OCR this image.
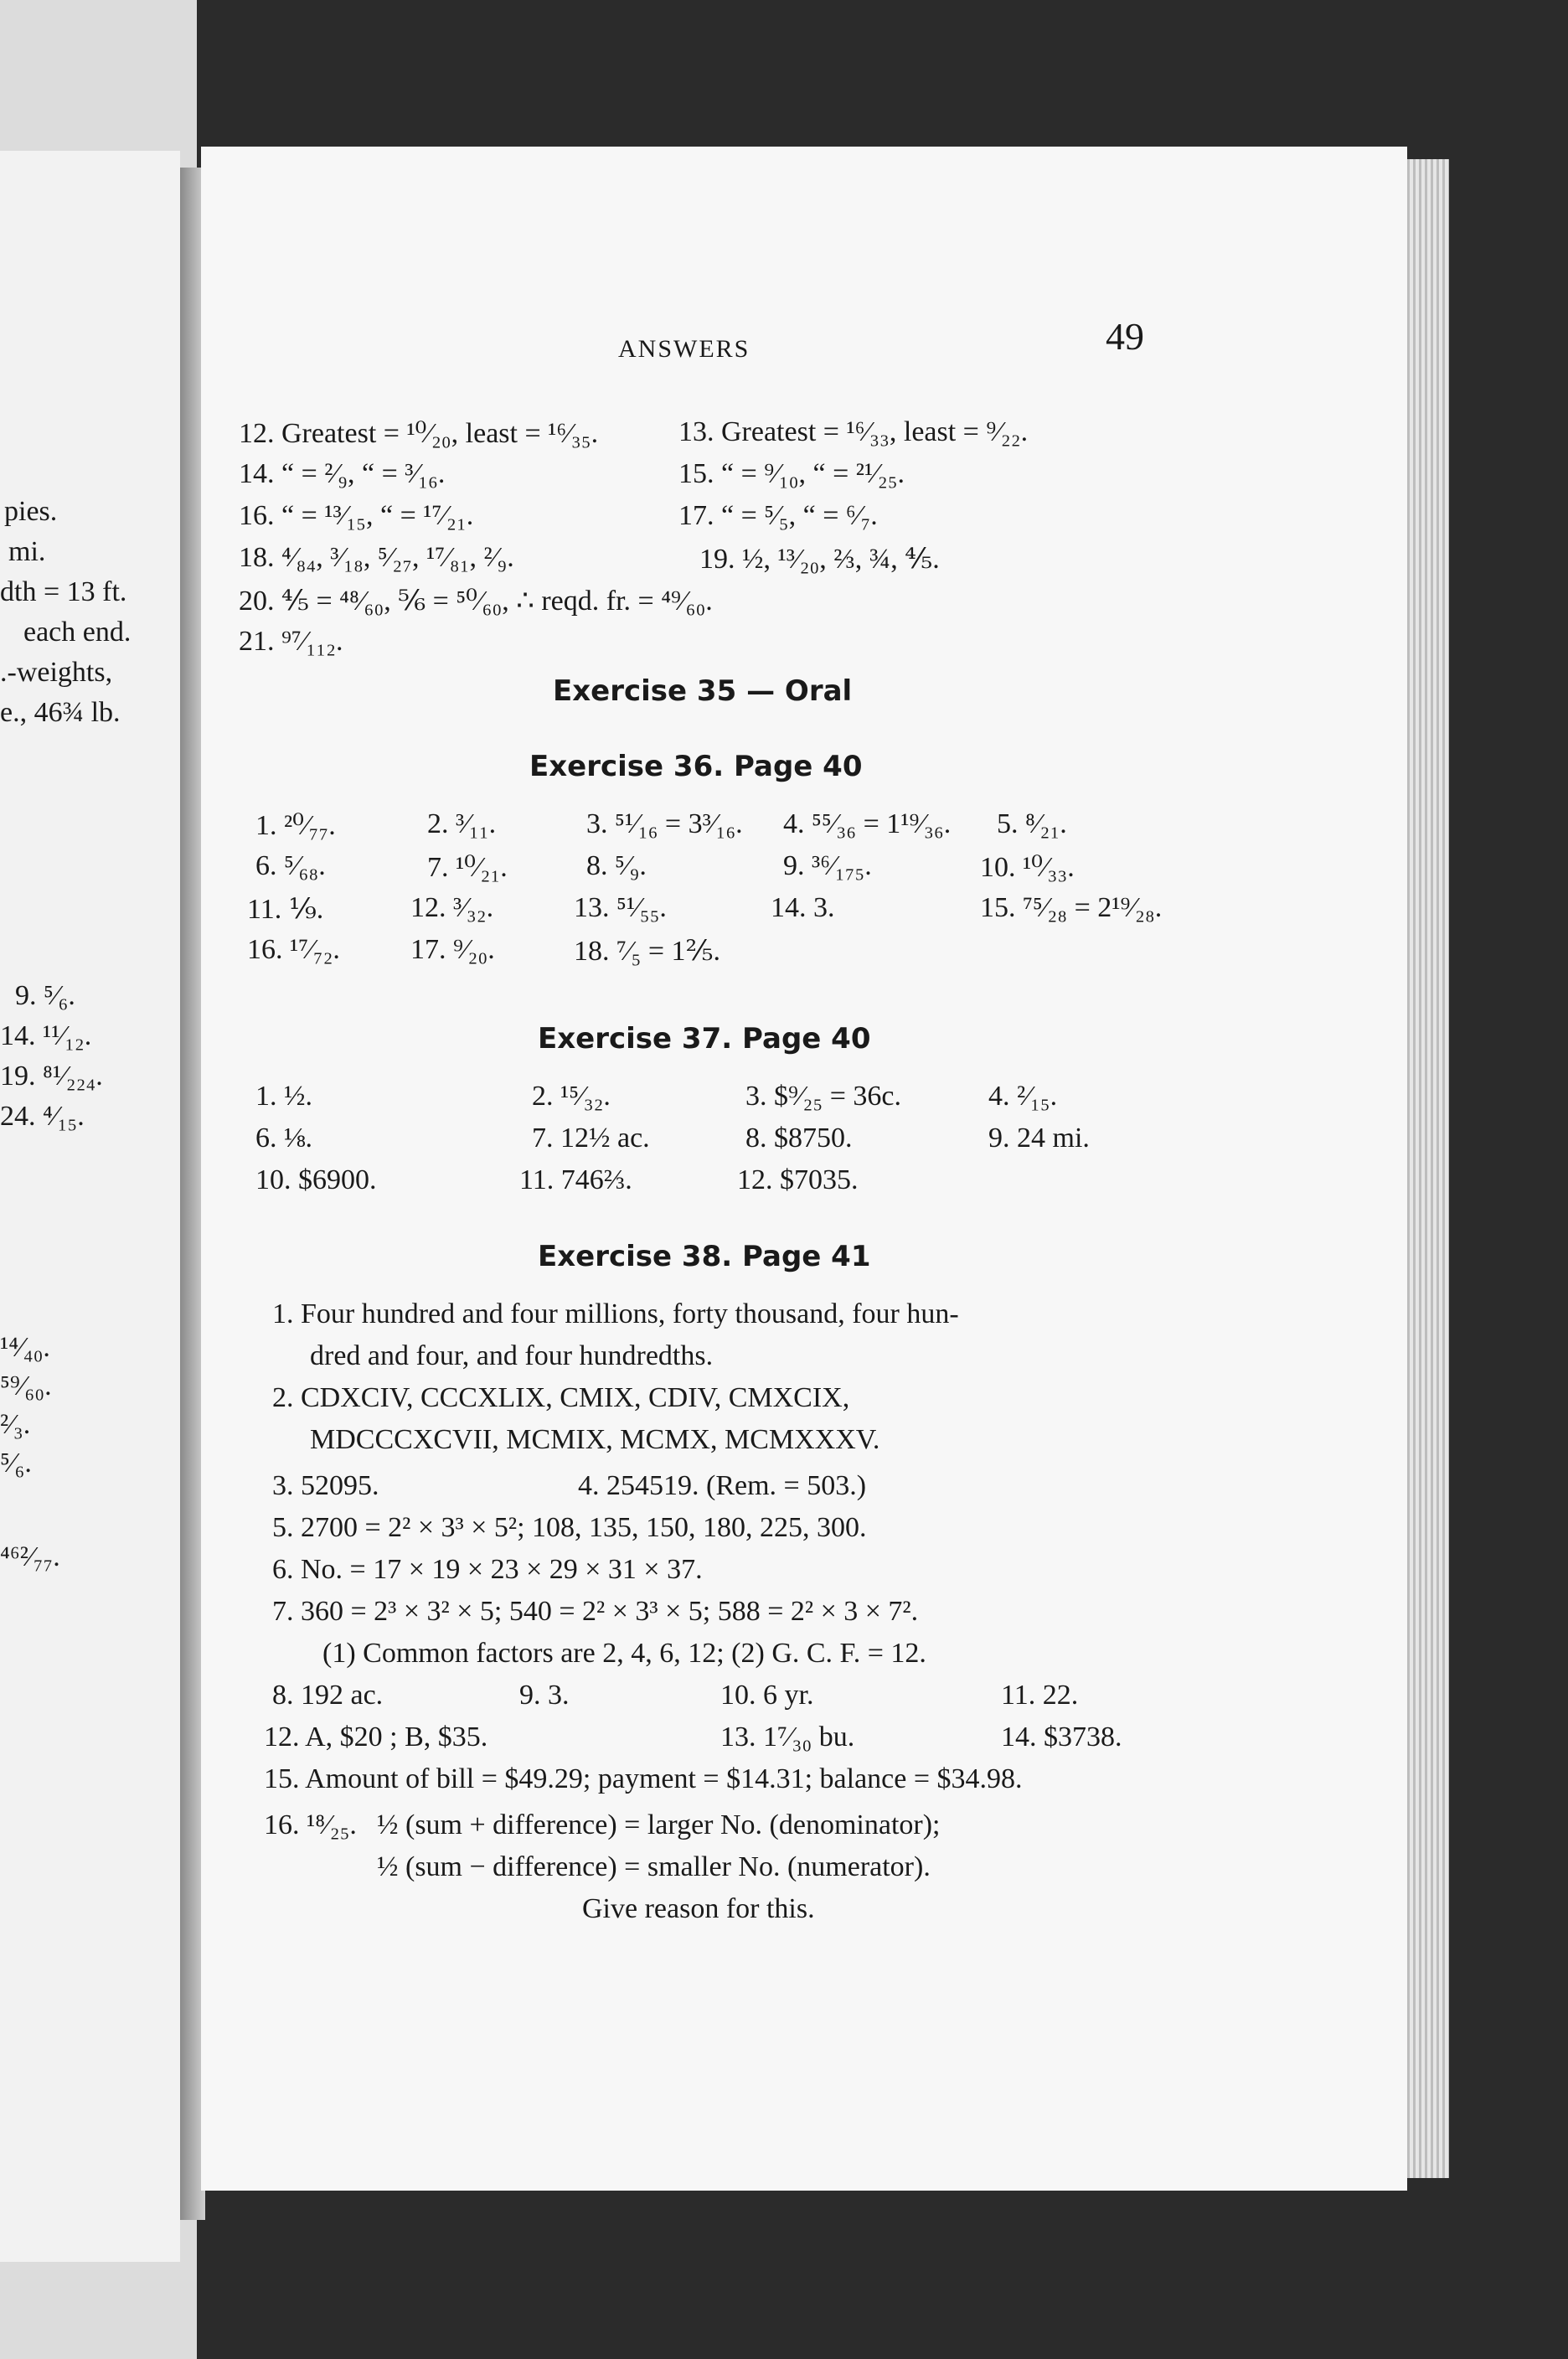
pies.
mi.
dth = 13 ft.
each end.
.-weights,
e., 46¾ lb.
9. ⁵⁄₆.
14. ¹¹⁄₁₂.
19. ⁸¹⁄₂₂₄.
24. ⁴⁄₁₅.
¹⁴⁄₄₀.
⁵⁹⁄₆₀.
²⁄₃.
⁵⁄₆.
⁴⁶²⁄₇₇.
ANSWERS	49
12. Greatest = ¹⁰⁄₂₀, least = ¹⁶⁄₃₅.	13. Greatest = ¹⁶⁄₃₃, least = ⁹⁄₂₂.
14. “ = ²⁄₉, “ = ³⁄₁₆.	15. “ = ⁹⁄₁₀, “ = ²¹⁄₂₅.
16. “ = ¹³⁄₁₅, “ = ¹⁷⁄₂₁.	17. “ = ⁵⁄₅, “ = ⁶⁄₇.
18. ⁴⁄₈₄, ³⁄₁₈, ⁵⁄₂₇, ¹⁷⁄₈₁, ²⁄₉.	19. ½, ¹³⁄₂₀, ⅔, ¾, ⅘.
20. ⅘ = ⁴⁸⁄₆₀, ⅚ = ⁵⁰⁄₆₀, ∴ reqd. fr. = ⁴⁹⁄₆₀.
21. ⁹⁷⁄₁₁₂.
Exercise 35 — Oral
Exercise 36. Page 40
1. ²⁰⁄₇₇.	2. ³⁄₁₁.	3. ⁵¹⁄₁₆ = 3³⁄₁₆. 4. ⁵⁵⁄₃₆ = 1¹⁹⁄₃₆. 5. ⁸⁄₂₁.
6. ⁵⁄₆₈.	7. ¹⁰⁄₂₁.	8. ⁵⁄₉.	9. ³⁶⁄₁₇₅.	10. ¹⁰⁄₃₃.
11. ⅑.	12. ³⁄₃₂.	13. ⁵¹⁄₅₅.	14. 3.	15. ⁷⁵⁄₂₈ = 2¹⁹⁄₂₈.
16. ¹⁷⁄₇₂. 17. ⁹⁄₂₀.	18. ⁷⁄₅ = 1⅖.
Exercise 37. Page 40
1. ½.	2. ¹⁵⁄₃₂.	3. $⁹⁄₂₅ = 36c.	4. ²⁄₁₅.
6. ⅛.	7. 12½ ac.	8. $8750.	9. 24 mi.
10. $6900.	11. 746⅔.	12. $7035.
Exercise 38. Page 41
1. Four hundred and four millions, forty thousand, four hun-
dred and four, and four hundredths.
2. CDXCIV, CCCXLIX, CMIX, CDIV, CMXCIX,
MDCCCXCVII, MCMIX, MCMX, MCMXXXV.
3. 52095.	4. 254519. (Rem. = 503.)
5. 2700 = 2² × 3³ × 5²; 108, 135, 150, 180, 225, 300.
6. No. = 17 × 19 × 23 × 29 × 31 × 37.
7. 360 = 2³ × 3² × 5; 540 = 2² × 3³ × 5; 588 = 2² × 3 × 7².
(1) Common factors are 2, 4, 6, 12; (2) G. C. F. = 12.
8. 192 ac.	9. 3.	10. 6 yr.	11. 22.
12. A, $20 ; B, $35.	13. 1⁷⁄₃₀ bu.	14. $3738.
15. Amount of bill = $49.29; payment = $14.31; balance = $34.98.
16. ¹⁸⁄₂₅. ½ (sum + difference) = larger No. (denominator);
½ (sum − difference) = smaller No. (numerator).
Give reason for this.
